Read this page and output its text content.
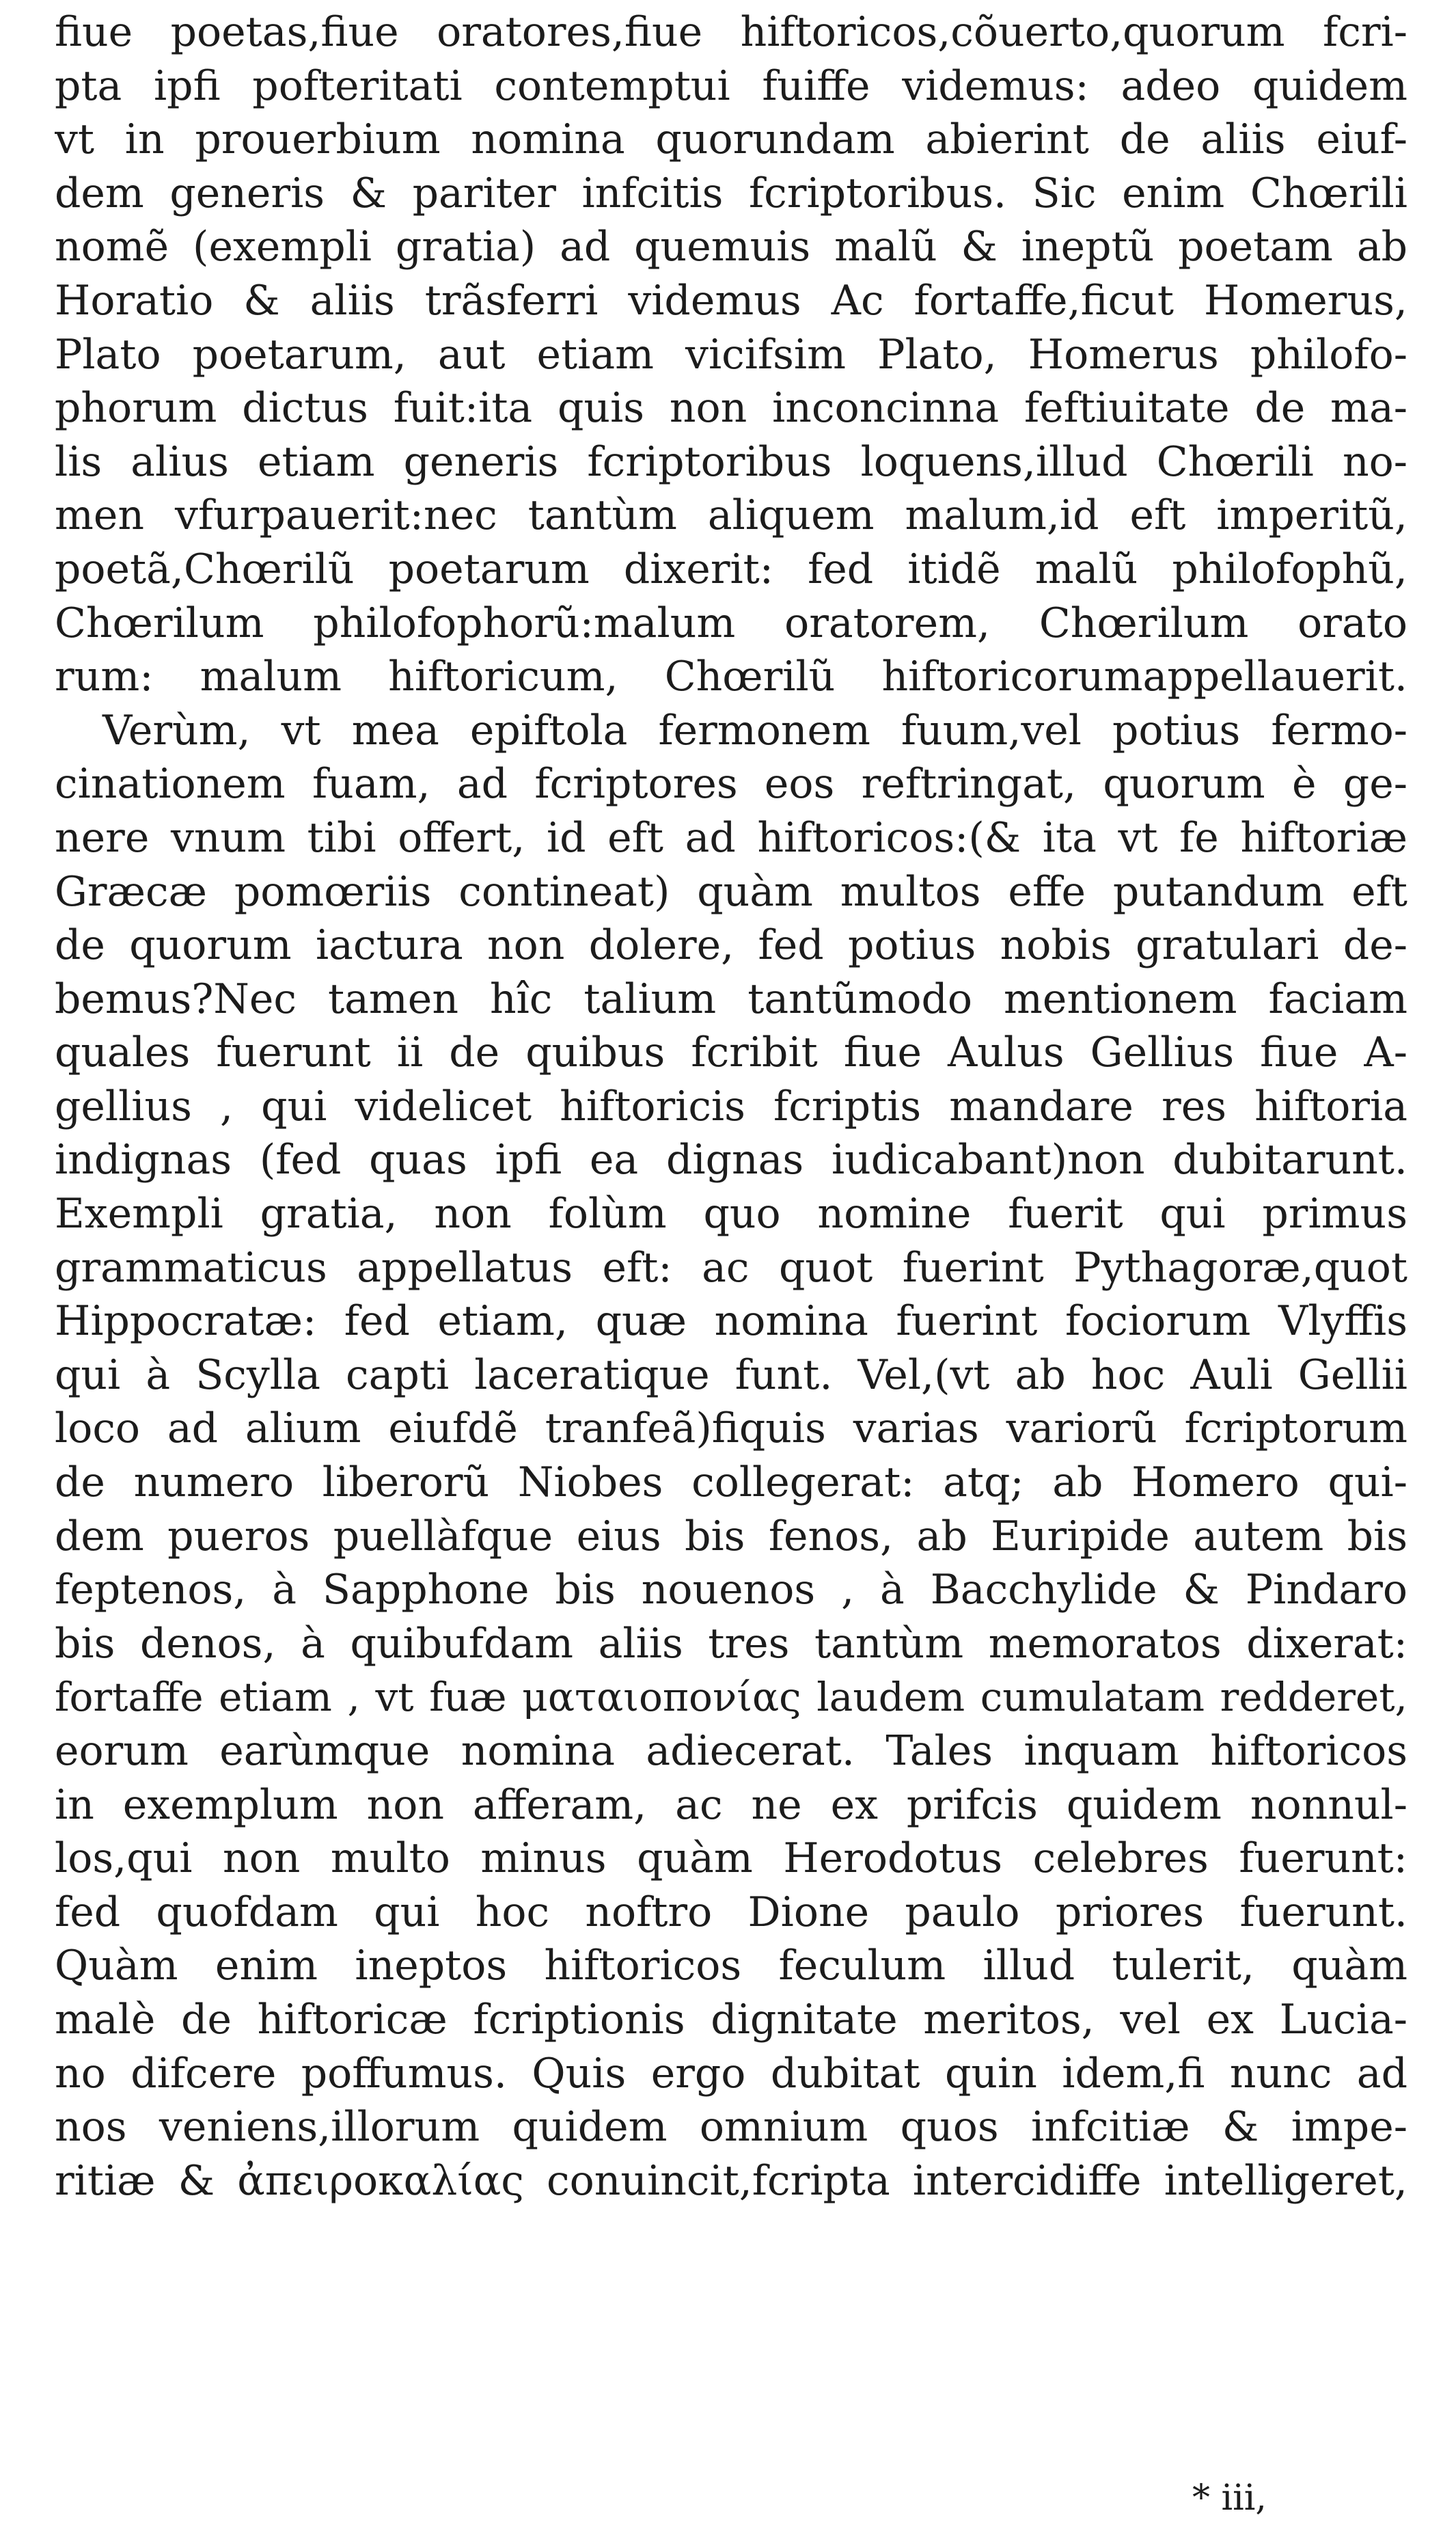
fiue poetas,fiue oratores,fiue hiftoricos,cõuerto,quorum fcri-
pta ipfi pofteritati contemptui fuiffe videmus: adeo quidem
vt in prouerbium nomina quorundam abierint de aliis eiuf-
dem generis & pariter infcitis fcriptoribus. Sic enim Chœrili
nomẽ (exempli gratia) ad quemuis malũ & ineptũ poetam ab
Horatio & aliis trãsferri videmus Ac fortaffe,ficut Homerus,
Plato poetarum, aut etiam vicifsim Plato, Homerus philofo-
phorum dictus fuit:ita quis non inconcinna feftiuitate de ma-
lis alius etiam generis fcriptoribus loquens,illud Chœrili no-
men vfurpauerit:nec tantùm aliquem malum,id eft imperitũ,
poetã,Chœrilũ poetarum dixerit: fed itidẽ malũ philofophũ,
Chœrilum philofophorũ:malum oratorem, Chœrilum orato
rum: malum hiftoricum, Chœrilũ hiftoricorumappellauerit.
Verùm, vt mea epiftola fermonem fuum,vel potius fermo-
cinationem fuam, ad fcriptores eos reftringat, quorum è ge-
nere vnum tibi offert, id eft ad hiftoricos:(& ita vt fe hiftoriæ
Græcæ pomœriis contineat) quàm multos effe putandum eft
de quorum iactura non dolere, fed potius nobis gratulari de-
bemus?Nec tamen hîc talium tantũmodo mentionem faciam
quales fuerunt ii de quibus fcribit fiue Aulus Gellius fiue A-
gellius , qui videlicet hiftoricis fcriptis mandare res hiftoria
indignas (fed quas ipfi ea dignas iudicabant)non dubitarunt.
Exempli gratia, non folùm quo nomine fuerit qui primus
grammaticus appellatus eft: ac quot fuerint Pythagoræ,quot
Hippocratæ: fed etiam, quæ nomina fuerint fociorum Vlyffis
qui à Scylla capti laceratique funt. Vel,(vt ab hoc Auli Gellii
loco ad alium eiufdẽ tranfeã)fiquis varias variorũ fcriptorum
de numero liberorũ Niobes collegerat: atq; ab Homero qui-
dem pueros puellàfque eius bis fenos, ab Euripide autem bis
feptenos, à Sapphone bis nouenos , à Bacchylide & Pindaro
bis denos, à quibufdam aliis tres tantùm memoratos dixerat:
fortaffe etiam , vt fuæ ματαιοπονίας laudem cumulatam redderet,
eorum earùmque nomina adiecerat. Tales inquam hiftoricos
in exemplum non afferam, ac ne ex prifcis quidem nonnul-
los,qui non multo minus quàm Herodotus celebres fuerunt:
fed quofdam qui hoc noftro Dione paulo priores fuerunt.
Quàm enim ineptos hiftoricos feculum illud tulerit, quàm
malè de hiftoricæ fcriptionis dignitate meritos, vel ex Lucia-
no difcere poffumus. Quis ergo dubitat quin idem,fi nunc ad
nos veniens,illorum quidem omnium quos infcitiæ & impe-
ritiæ & ἀπειροκαλίας conuincit,fcripta intercidiffe intelligeret,
* iii,
